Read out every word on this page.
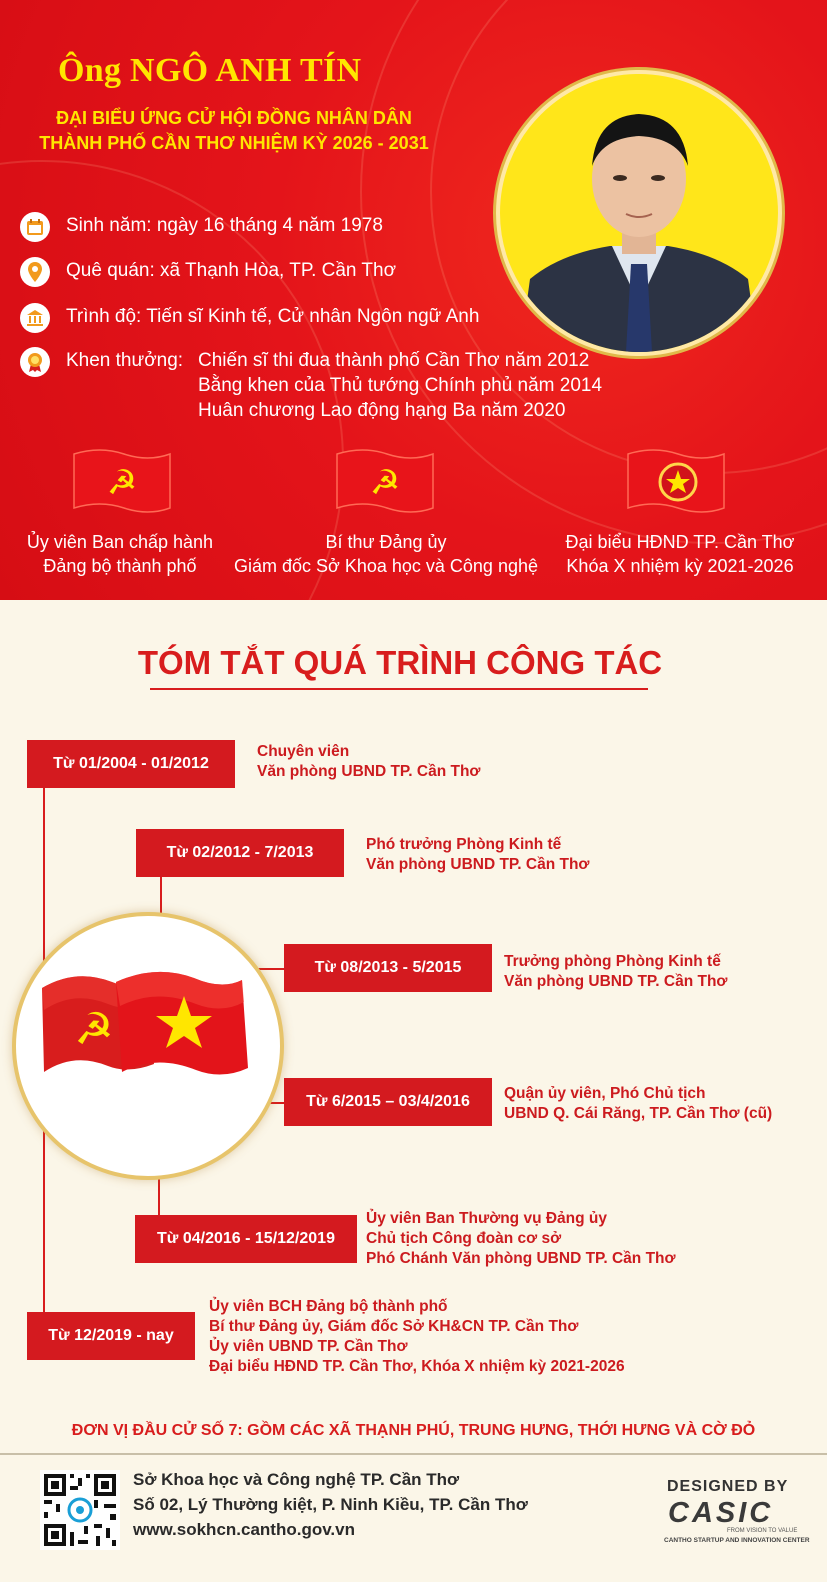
Ông NGÔ ANH TÍN
ĐẠI BIỂU ỨNG CỬ HỘI ĐỒNG NHÂN DÂN
THÀNH PHỐ CẦN THƠ NHIỆM KỲ 2026 - 2031
Sinh năm: ngày 16 tháng 4 năm 1978
Quê quán: xã Thạnh Hòa, TP. Cần Thơ
Trình độ: Tiến sĩ Kinh tế, Cử nhân Ngôn ngữ Anh
Khen thưởng: Chiến sĩ thi đua thành phố Cần Thơ năm 2012
Bằng khen của Thủ tướng Chính phủ năm 2014
Huân chương Lao động hạng Ba năm 2020
☭	☭
Ủy viên Ban chấp hành
Đảng bộ thành phố
Bí thư Đảng ủy
Giám đốc Sở Khoa học và Công nghệ
Đại biểu HĐND TP. Cần Thơ
Khóa X nhiệm kỳ 2021-2026
TÓM TẮT QUÁ TRÌNH CÔNG TÁC
☭
Từ 01/2004 - 01/2012
Chuyên viên
Văn phòng UBND TP. Cần Thơ
Từ 02/2012 - 7/2013	Phó trưởng Phòng Kinh tế
Văn phòng UBND TP. Cần Thơ
Từ 08/2013 - 5/2015	Trưởng phòng Phòng Kinh tế
Văn phòng UBND TP. Cần Thơ
Từ 6/2015 – 03/4/2016	Quận ủy viên, Phó Chủ tịch
UBND Q. Cái Răng, TP. Cần Thơ (cũ)
Từ 04/2016 - 15/12/2019
Ủy viên Ban Thường vụ Đảng ủy
Chủ tịch Công đoàn cơ sở
Phó Chánh Văn phòng UBND TP. Cần Thơ
Từ 12/2019 - nay
Ủy viên BCH Đảng bộ thành phố
Bí thư Đảng ủy, Giám đốc Sở KH&CN TP. Cần Thơ
Ủy viên UBND TP. Cần Thơ
Đại biểu HĐND TP. Cần Thơ, Khóa X nhiệm kỳ 2021-2026
ĐƠN VỊ ĐẦU CỬ SỐ 7: GỒM CÁC XÃ THẠNH PHÚ, TRUNG HƯNG, THỚI HƯNG VÀ CỜ ĐỎ
Sở Khoa học và Công nghệ TP. Cần Thơ
Số 02, Lý Thường kiệt, P. Ninh Kiều, TP. Cần Thơ
www.sokhcn.cantho.gov.vn
DESIGNED BY
CASIC
FROM VISION TO VALUE
CANTHO STARTUP AND INNOVATION CENTER
